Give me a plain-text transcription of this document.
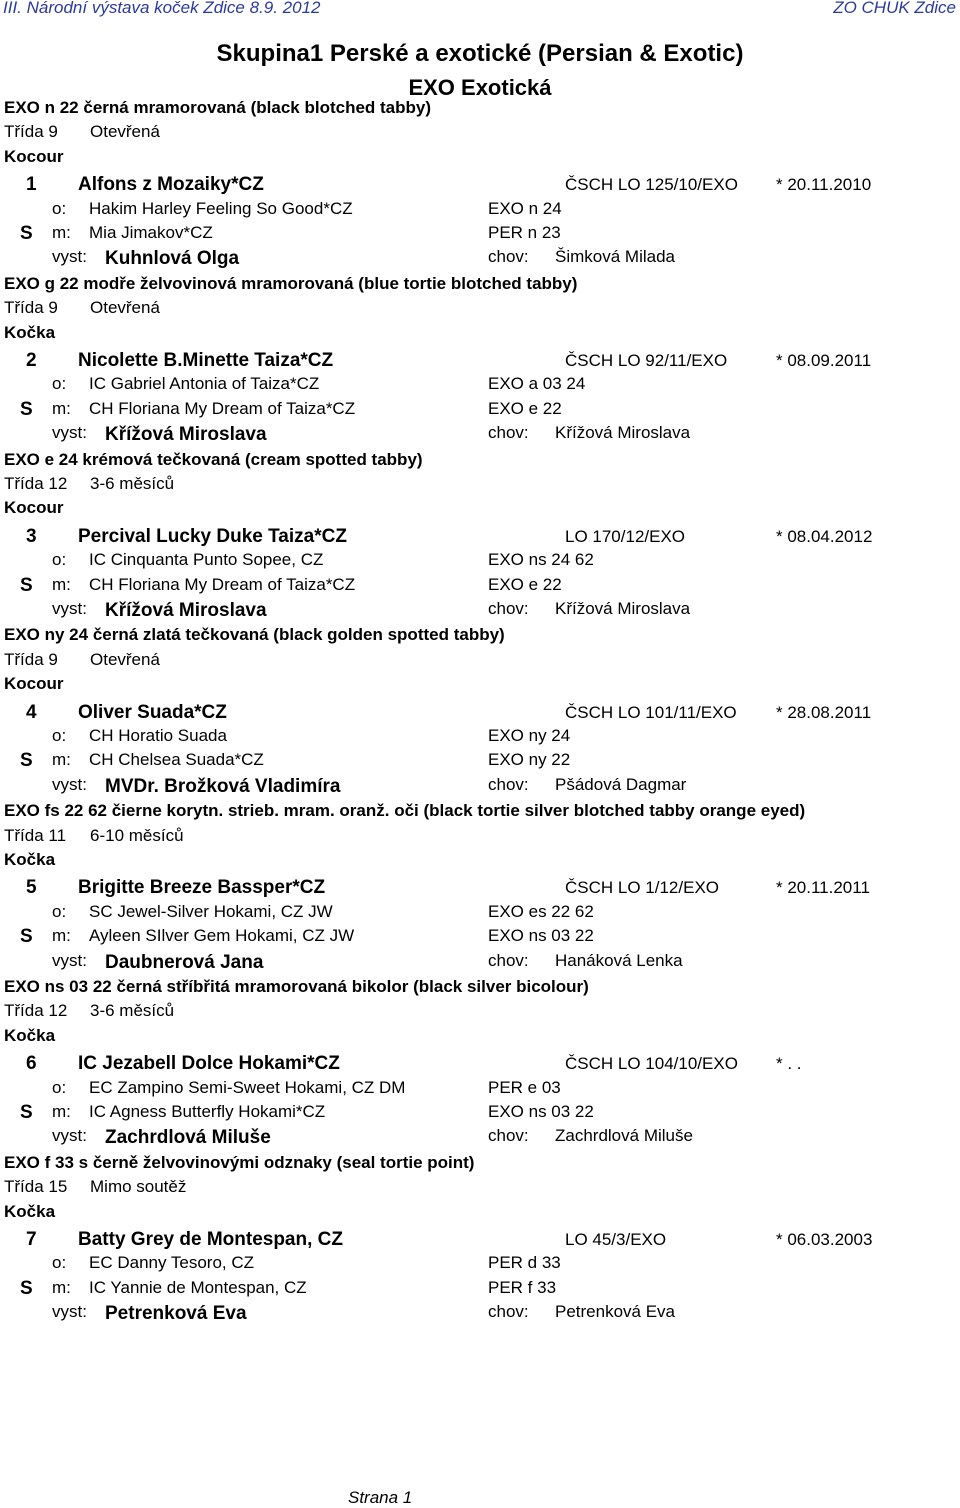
III. Národní výstava koček Zdice 8.9. 2012	ZO CHUK Zdice
Skupina1 Perské a exotické (Persian & Exotic)
EXO Exotická
EXO n 22 černá mramorovaná (black blotched tabby)
Třída 9 Otevřená
Kocour
1 Alfons z Mozaiky*CZ	ČSCH LO 125/10/EXO * 20.11.2010
o: Hakim Harley Feeling So Good*CZ	EXO n 24
S m: Mia Jimakov*CZ	PER n 23
vyst: Kuhnlová Olga	chov: Šimková Milada
EXO g 22 modře želvovinová mramorovaná (blue tortie blotched tabby)
Třída 9 Otevřená
Kočka
2 Nicolette B.Minette Taiza*CZ	ČSCH LO 92/11/EXO	* 08.09.2011
o: IC Gabriel Antonia of Taiza*CZ	EXO a 03 24
S m: CH Floriana My Dream of Taiza*CZ	EXO e 22
vyst: Křížová Miroslava	chov: Křížová Miroslava
EXO e 24 krémová tečkovaná (cream spotted tabby)
Třída 12 3-6 měsíců
Kocour
3 Percival Lucky Duke Taiza*CZ	LO 170/12/EXO	* 08.04.2012
o: IC Cinquanta Punto Sopee, CZ	EXO ns 24 62
S m: CH Floriana My Dream of Taiza*CZ	EXO e 22
vyst: Křížová Miroslava	chov: Křížová Miroslava
EXO ny 24 černá zlatá tečkovaná (black golden spotted tabby)
Třída 9 Otevřená
Kocour
4 Oliver Suada*CZ	ČSCH LO 101/11/EXO * 28.08.2011
o: CH Horatio Suada	EXO ny 24
S m: CH Chelsea Suada*CZ	EXO ny 22
vyst: MVDr. Brožková Vladimíra	chov: Pšádová Dagmar
EXO fs 22 62 čierne korytn. strieb. mram. oranž. oči (black tortie silver blotched tabby orange eyed)
Třída 11 6-10 měsíců
Kočka
5 Brigitte Breeze Bassper*CZ	ČSCH LO 1/12/EXO	* 20.11.2011
o: SC Jewel-Silver Hokami, CZ JW	EXO es 22 62
S m: Ayleen SIlver Gem Hokami, CZ JW	EXO ns 03 22
vyst: Daubnerová Jana	chov: Hanáková Lenka
EXO ns 03 22 černá stříbřitá mramorovaná bikolor (black silver bicolour)
Třída 12 3-6 měsíců
Kočka
6 IC Jezabell Dolce Hokami*CZ	ČSCH LO 104/10/EXO * . .
o: EC Zampino Semi-Sweet Hokami, CZ DM	PER e 03
S m: IC Agness Butterfly Hokami*CZ	EXO ns 03 22
vyst: Zachrdlová Miluše	chov: Zachrdlová Miluše
EXO f 33 s černě želvovinovými odznaky (seal tortie point)
Třída 15 Mimo soutěž
Kočka
7 Batty Grey de Montespan, CZ	LO 45/3/EXO	* 06.03.2003
o: EC Danny Tesoro, CZ	PER d 33
S m: IC Yannie de Montespan, CZ	PER f 33
vyst: Petrenková Eva	chov: Petrenková Eva
Strana 1
